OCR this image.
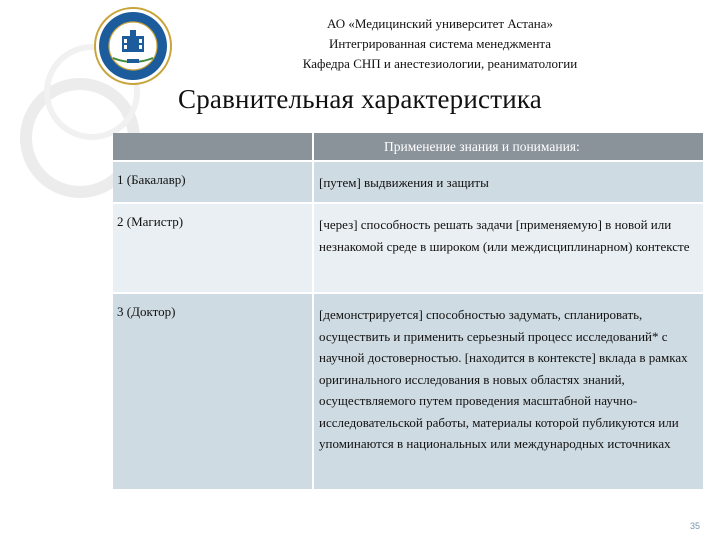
АО «Медицинский университет Астана»
Интегрированная система менеджмента
Кафедра СНП и анестезиологии, реаниматологии
Сравнительная характеристика
	Применение знания и понимания:
1 (Бакалавр)	[путем] выдвижения и защиты
2 (Магистр)	[через] способность решать задачи [применяемую] в новой или незнакомой среде в широком (или междисциплинарном) контексте
3 (Доктор)	[демонстрируется] способностью задумать, спланировать, осуществить и применить серьезный процесс исследований* с научной достоверностью. [находится в контексте] вклада в рамках оригинального исследования в новых областях знаний, осуществляемого путем проведения масштабной научно-исследовательской работы, материалы которой публикуются или упоминаются в национальных или международных источниках
35
